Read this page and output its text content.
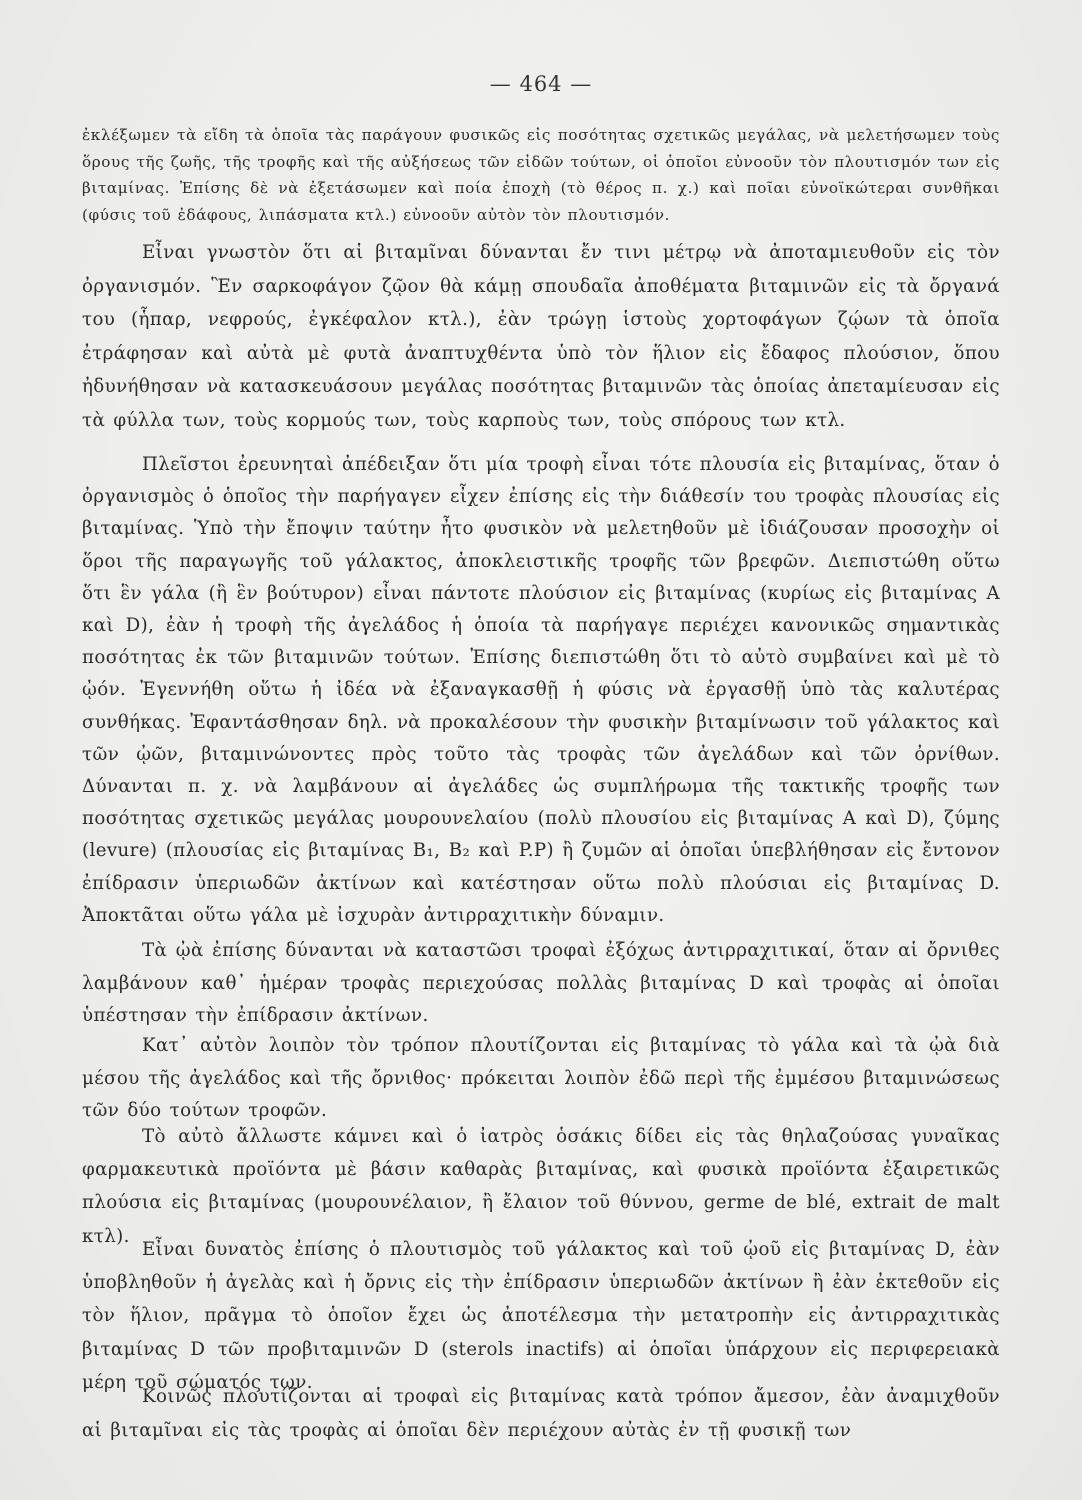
— 464 —

ἐκλέξωμεν τὰ εἴδη τὰ ὁποῖα τὰς παράγουν φυσικῶς εἰς ποσότητας σχετικῶς μεγάλας, νὰ μελετήσωμεν τοὺς ὅρους τῆς ζωῆς, τῆς τροφῆς καὶ τῆς αὐξήσεως τῶν εἰδῶν τούτων, οἱ ὁποῖοι εὐνοοῦν τὸν πλουτισμόν των εἰς βιταμίνας. Ἐπίσης δὲ νὰ ἐξετάσωμεν καὶ ποία ἐποχὴ (τὸ θέρος π. χ.) καὶ ποῖαι εὐνοϊκώτεραι συνθῆκαι (φύσις τοῦ ἐδάφους, λιπάσματα κτλ.) εὐνοοῦν αὐτὸν τὸν πλουτισμόν.

Εἶναι γνωστὸν ὅτι αἱ βιταμῖναι δύνανται ἔν τινι μέτρῳ νὰ ἀποταμιευθοῦν εἰς τὸν ὀργανισμόν. Ἓν σαρκοφάγον ζῷον θὰ κάμῃ σπουδαῖα ἀποθέματα βιταμινῶν εἰς τὰ ὄργανά του (ἧπαρ, νεφρούς, ἐγκέφαλον κτλ.), ἐὰν τρώγῃ ἱστοὺς χορτοφάγων ζῴων τὰ ὁποῖα ἐτράφησαν καὶ αὐτὰ μὲ φυτὰ ἀναπτυχθέντα ὑπὸ τὸν ἥλιον εἰς ἔδαφος πλούσιον, ὅπου ἠδυνήθησαν νὰ κατασκευάσουν μεγάλας ποσότητας βιταμινῶν τὰς ὁποίας ἀπεταμίευσαν εἰς τὰ φύλλα των, τοὺς κορμούς των, τοὺς καρποὺς των, τοὺς σπόρους των κτλ.

Πλεῖστοι ἐρευνηταὶ ἀπέδειξαν ὅτι μία τροφὴ εἶναι τότε πλουσία εἰς βιταμίνας, ὅταν ὁ ὀργανισμὸς ὁ ὁποῖος τὴν παρήγαγεν εἶχεν ἐπίσης εἰς τὴν διάθεσίν του τροφὰς πλουσίας εἰς βιταμίνας. Ὑπὸ τὴν ἔποψιν ταύτην ἦτο φυσικὸν νὰ μελετηθοῦν μὲ ἰδιάζουσαν προσοχὴν οἱ ὅροι τῆς παραγωγῆς τοῦ γάλακτος, ἀποκλειστικῆς τροφῆς τῶν βρεφῶν. Διεπιστώθη οὕτω ὅτι ἓν γάλα (ἢ ἓν βούτυρον) εἶναι πάντοτε πλούσιον εἰς βιταμίνας (κυρίως εἰς βιταμίνας A καὶ D), ἐὰν ἡ τροφὴ τῆς ἀγελάδος ἡ ὁποία τὰ παρήγαγε περιέχει κανονικῶς σημαντικὰς ποσότητας ἐκ τῶν βιταμινῶν τούτων. Ἐπίσης διεπιστώθη ὅτι τὸ αὐτὸ συμβαίνει καὶ μὲ τὸ ᾠόν. Ἐγεννήθη οὕτω ἡ ἰδέα νὰ ἐξαναγκασθῇ ἡ φύσις νὰ ἐργασθῇ ὑπὸ τὰς καλυτέρας συνθήκας. Ἐφαντάσθησαν δηλ. νὰ προκαλέσουν τὴν φυσικὴν βιταμίνωσιν τοῦ γάλακτος καὶ τῶν ᾠῶν, βιταμινώνοντες πρὸς τοῦτο τὰς τροφὰς τῶν ἀγελάδων καὶ τῶν ὀρνίθων. Δύνανται π. χ. νὰ λαμβάνουν αἱ ἀγελάδες ὡς συμπλήρωμα τῆς τακτικῆς τροφῆς των ποσότητας σχετικῶς μεγάλας μουρουνελαίου (πολὺ πλουσίου εἰς βιταμίνας A καὶ D), ζύμης (levure) (πλουσίας εἰς βιταμίνας B₁, B₂ καὶ P.P) ἢ ζυμῶν αἱ ὁποῖαι ὑπεβλήθησαν εἰς ἔντονον ἐπίδρασιν ὑπεριωδῶν ἀκτίνων καὶ κατέστησαν οὕτω πολὺ πλούσιαι εἰς βιταμίνας D. Ἀποκτᾶται οὕτω γάλα μὲ ἰσχυρὰν ἀντιρραχιτικὴν δύναμιν.

Τὰ ᾠὰ ἐπίσης δύνανται νὰ καταστῶσι τροφαὶ ἐξόχως ἀντιρραχιτικαί, ὅταν αἱ ὄρνιθες λαμβάνουν καθ᾽ ἡμέραν τροφὰς περιεχούσας πολλὰς βιταμίνας D καὶ τροφὰς αἱ ὁποῖαι ὑπέστησαν τὴν ἐπίδρασιν ἀκτίνων.

Κατ᾽ αὐτὸν λοιπὸν τὸν τρόπον πλουτίζονται εἰς βιταμίνας τὸ γάλα καὶ τὰ ᾠὰ διὰ μέσου τῆς ἀγελάδος καὶ τῆς ὄρνιθος· πρόκειται λοιπὸν ἐδῶ περὶ τῆς ἐμμέσου βιταμινώσεως τῶν δύο τούτων τροφῶν.

Τὸ αὐτὸ ἄλλωστε κάμνει καὶ ὁ ἰατρὸς ὁσάκις δίδει εἰς τὰς θηλαζούσας γυναῖκας φαρμακευτικὰ προϊόντα μὲ βάσιν καθαρὰς βιταμίνας, καὶ φυσικὰ προϊόντα ἐξαιρετικῶς πλούσια εἰς βιταμίνας (μουρουνέλαιον, ἢ ἔλαιον τοῦ θύννου, germe de blé, extrait de malt κτλ).

Εἶναι δυνατὸς ἐπίσης ὁ πλουτισμὸς τοῦ γάλακτος καὶ τοῦ ᾠοῦ εἰς βιταμίνας D, ἐὰν ὑποβληθοῦν ἡ ἀγελὰς καὶ ἡ ὄρνις εἰς τὴν ἐπίδρασιν ὑπεριωδῶν ἀκτίνων ἢ ἐὰν ἐκτεθοῦν εἰς τὸν ἥλιον, πρᾶγμα τὸ ὁποῖον ἔχει ὡς ἀποτέλεσμα τὴν μετατροπὴν εἰς ἀντιρραχιτικὰς βιταμίνας D τῶν προβιταμινῶν D (sterols inactifs) αἱ ὁποῖαι ὑπάρχουν εἰς περιφερειακὰ μέρη τοῦ σώματός των.

Κοινῶς πλουτίζονται αἱ τροφαὶ εἰς βιταμίνας κατὰ τρόπον ἄμεσον, ἐὰν ἀναμιχθοῦν αἱ βιταμῖναι εἰς τὰς τροφὰς αἱ ὁποῖαι δὲν περιέχουν αὐτὰς ἐν τῇ φυσικῇ των
